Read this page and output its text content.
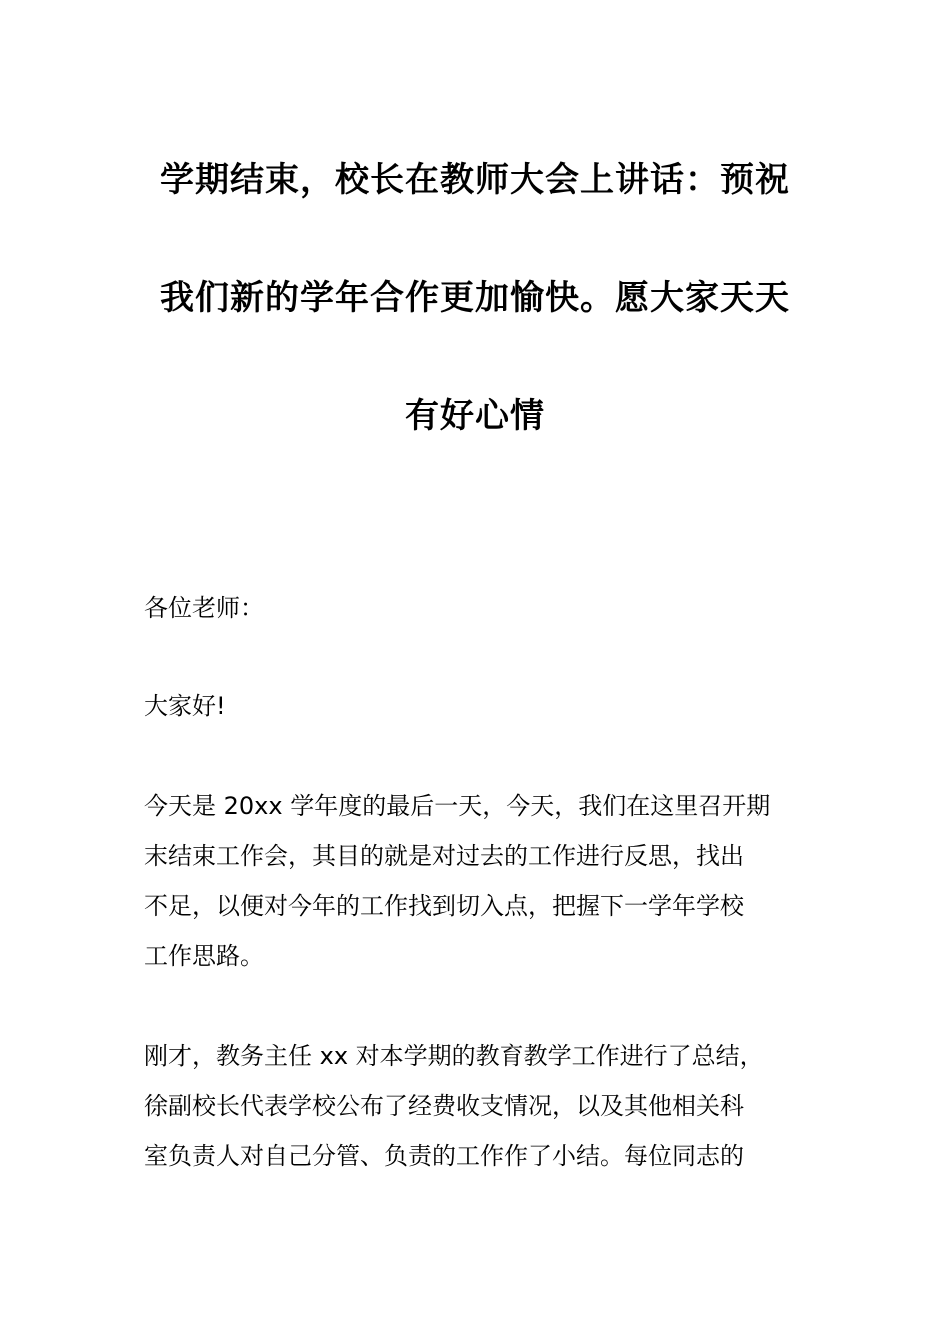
学期结束，校长在教师大会上讲话：预祝
我们新的学年合作更加愉快。愿大家天天
有好心情
各位老师：
大家好!
今天是 20xx 学年度的最后一天，今天，我们在这里召开期
末结束工作会，其目的就是对过去的工作进行反思，找出
不足，以便对今年的工作找到切入点，把握下一学年学校
工作思路。
刚才，教务主任 xx 对本学期的教育教学工作进行了总结，
徐副校长代表学校公布了经费收支情况，以及其他相关科
室负责人对自己分管、负责的工作作了小结。每位同志的
